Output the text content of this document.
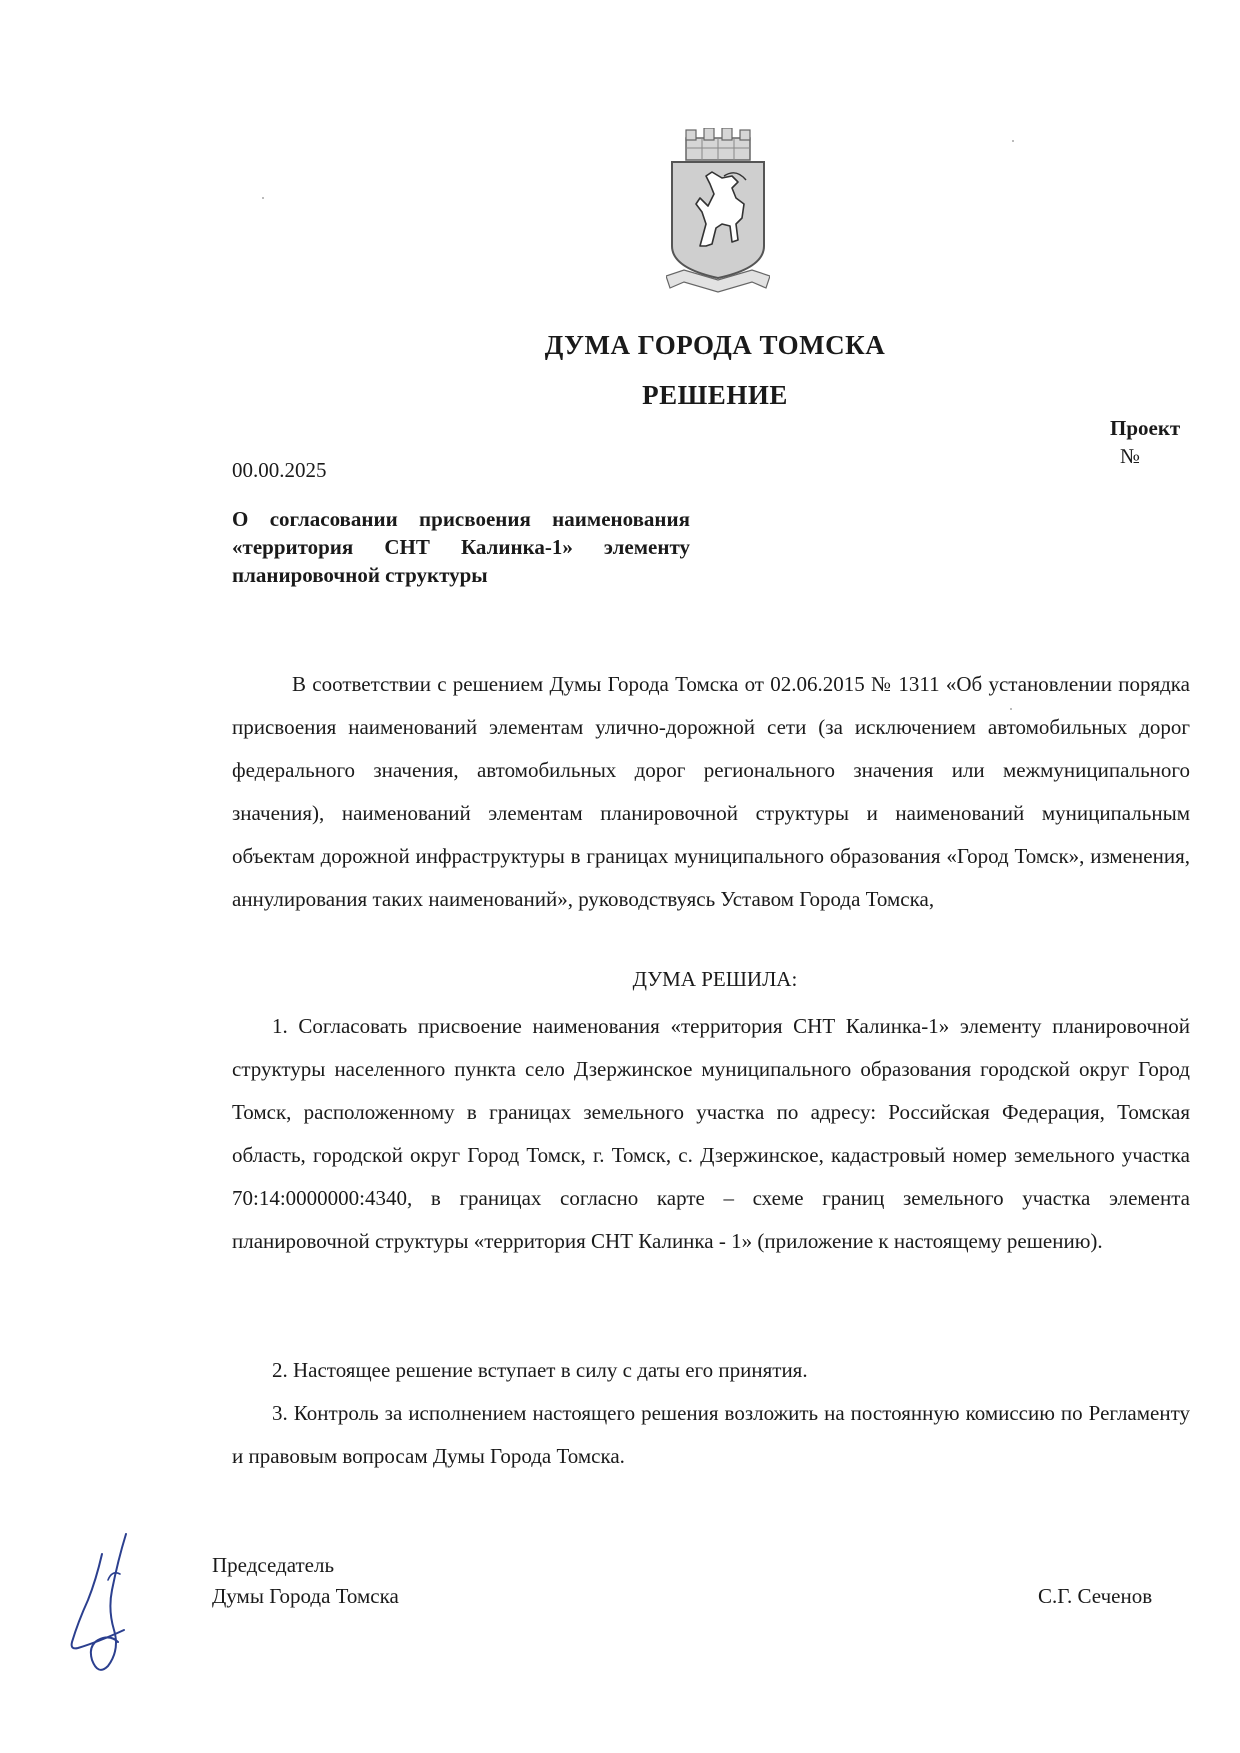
ДУМА ГОРОДА ТОМСКА
РЕШЕНИЕ
Проект
№
00.00.2025
О согласовании присвоения наименования «территория СНТ Калинка-1» элементу планировочной структуры
В соответствии с решением Думы Города Томска от 02.06.2015 № 1311 «Об установлении порядка присвоения наименований элементам улично-дорожной сети (за исключением автомобильных дорог федерального значения, автомобильных дорог регионального значения или межмуниципального значения), наименований элементам планировочной структуры и наименований муниципальным объектам дорожной инфраструктуры в границах муниципального образования «Город Томск», изменения, аннулирования таких наименований», руководствуясь Уставом Города Томска,
ДУМА РЕШИЛА:
1. Согласовать присвоение наименования «территория СНТ Калинка-1» элементу планировочной структуры населенного пункта село Дзержинское муниципального образования городской округ Город Томск, расположенному в границах земельного участка по адресу: Российская Федерация, Томская область, городской округ Город Томск, г. Томск, с. Дзержинское, кадастровый номер земельного участка 70:14:0000000:4340, в границах согласно карте – схеме границ земельного участка элемента планировочной структуры «территория СНТ Калинка - 1» (приложение к настоящему решению).
2. Настоящее решение вступает в силу с даты его принятия.
3. Контроль за исполнением настоящего решения возложить на постоянную комиссию по Регламенту и правовым вопросам Думы Города Томска.
Председатель
Думы Города Томска	С.Г. Сеченов
